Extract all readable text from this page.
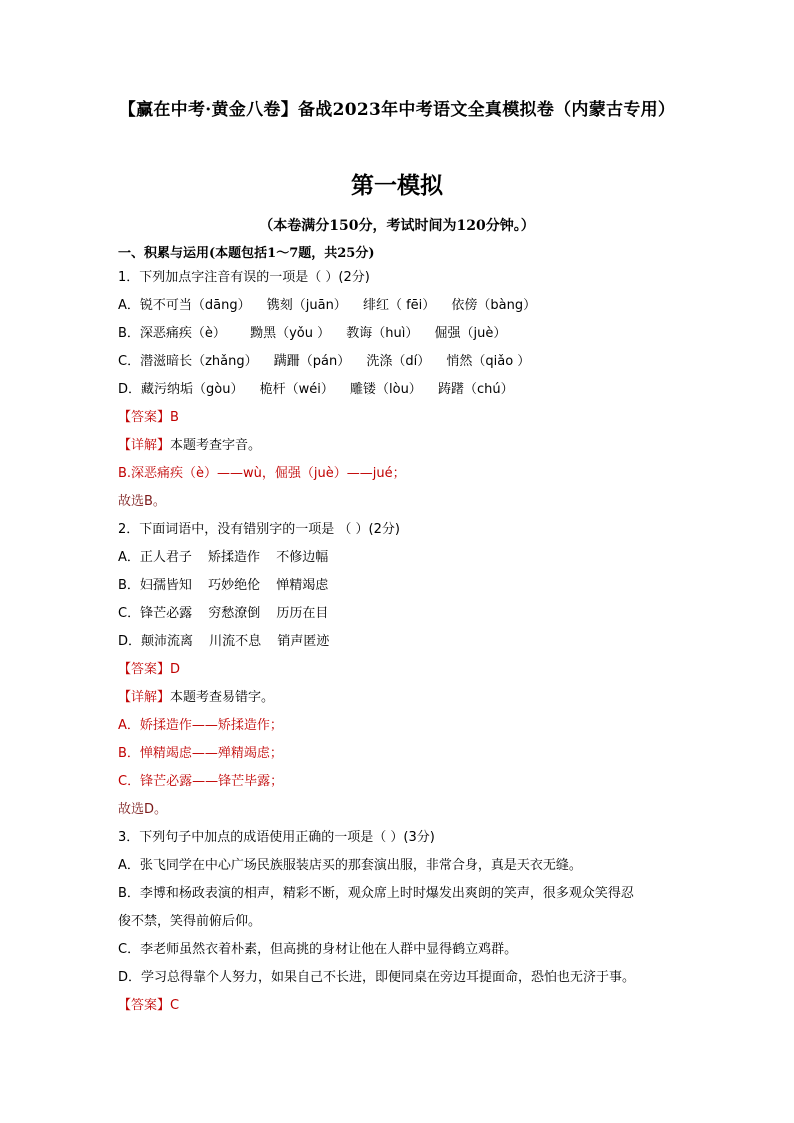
【赢在中考·黄金八卷】备战2023年中考语文全真模拟卷（内蒙古专用）
第一模拟
（本卷满分150分，考试时间为120分钟。）
一、积累与运用(本题包括1～7题，共25分)
1．下列加点字注音有误的一项是（ ）(2分)
A．锐不可当（dāng） 镌刻（juān） 绯红（ fēi） 依傍（bàng）
B．深恶痛疾（è） 黝黑（yǒu ） 教诲（huì） 倔强（juè）
C．潜滋暗长（zhǎng） 蹒跚（pán） 洗涤（dí） 悄然（qiǎo ）
D．藏污纳垢（gòu） 桅杆（wéi） 雕镂（lòu） 踌躇（chú）
【答案】B
【详解】本题考查字音。
B.深恶痛疾（è）——wù，倔强（juè）——jué；
故选B。
2．下面词语中，没有错别字的一项是 （ ）(2分)
A．正人君子 矫揉造作 不修边幅
B．妇孺皆知 巧妙绝伦 惮精竭虑
C．锋芒必露 穷愁潦倒 历历在目
D．颠沛流离 川流不息 销声匿迹
【答案】D
【详解】本题考查易错字。
A．娇揉造作——矫揉造作；
B．惮精竭虑——殚精竭虑；
C．锋芒必露——锋芒毕露；
故选D。
3．下列句子中加点的成语使用正确的一项是（ ）(3分)
A．张飞同学在中心广场民族服装店买的那套演出服，非常合身，真是天衣无缝。
B．李博和杨政表演的相声，精彩不断，观众席上时时爆发出爽朗的笑声，很多观众笑得忍
俊不禁，笑得前俯后仰。
C．李老师虽然衣着朴素，但高挑的身材让他在人群中显得鹤立鸡群。
D．学习总得靠个人努力，如果自己不长进，即便同桌在旁边耳提面命，恐怕也无济于事。
【答案】C
